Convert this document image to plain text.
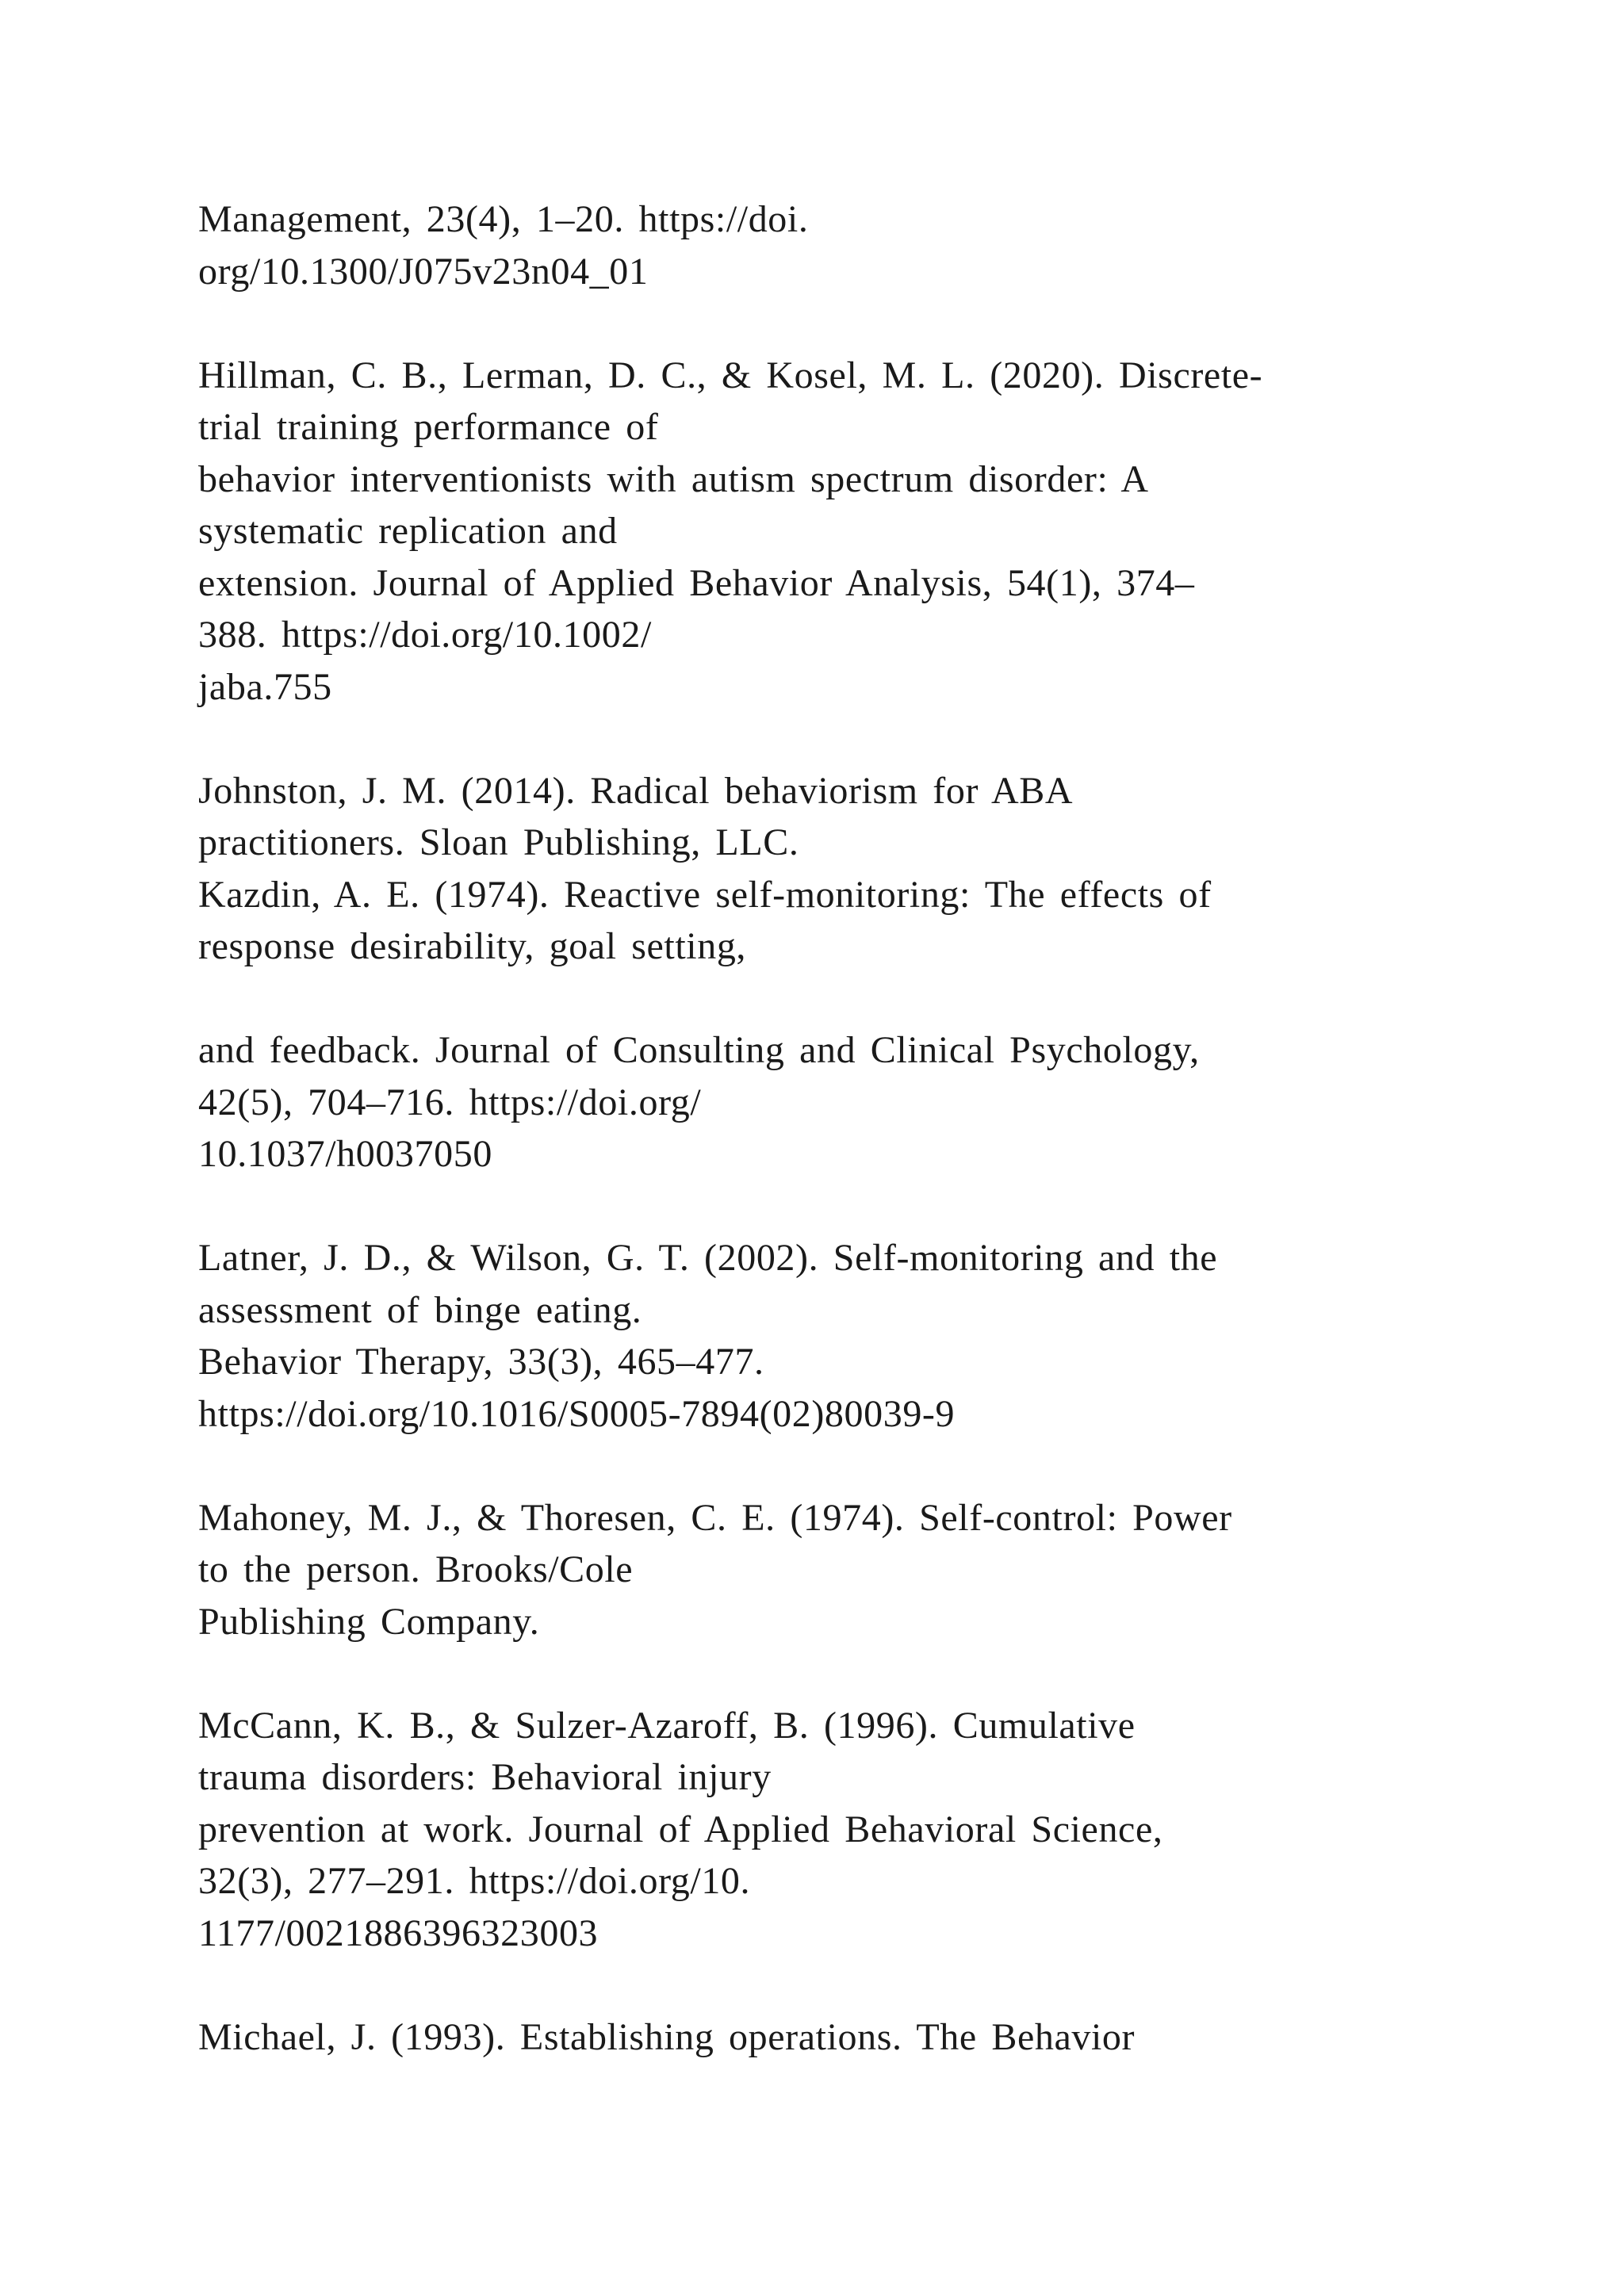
Management, 23(4), 1–20. https://doi.
org/10.1300/J075v23n04_01
Hillman, C. B., Lerman, D. C., & Kosel, M. L. (2020). Discrete-
trial training performance of
behavior interventionists with autism spectrum disorder: A
systematic replication and
extension. Journal of Applied Behavior Analysis, 54(1), 374–
388. https://doi.org/10.1002/
jaba.755
Johnston, J. M. (2014). Radical behaviorism for ABA
practitioners. Sloan Publishing, LLC.
Kazdin, A. E. (1974). Reactive self-monitoring: The effects of
response desirability, goal setting,
and feedback. Journal of Consulting and Clinical Psychology,
42(5), 704–716. https://doi.org/
10.1037/h0037050
Latner, J. D., & Wilson, G. T. (2002). Self-monitoring and the
assessment of binge eating.
Behavior Therapy, 33(3), 465–477.
https://doi.org/10.1016/S0005-7894(02)80039-9
Mahoney, M. J., & Thoresen, C. E. (1974). Self-control: Power
to the person. Brooks/Cole
Publishing Company.
McCann, K. B., & Sulzer-Azaroff, B. (1996). Cumulative
trauma disorders: Behavioral injury
prevention at work. Journal of Applied Behavioral Science,
32(3), 277–291. https://doi.org/10.
1177/0021886396323003
Michael, J. (1993). Establishing operations. The Behavior
